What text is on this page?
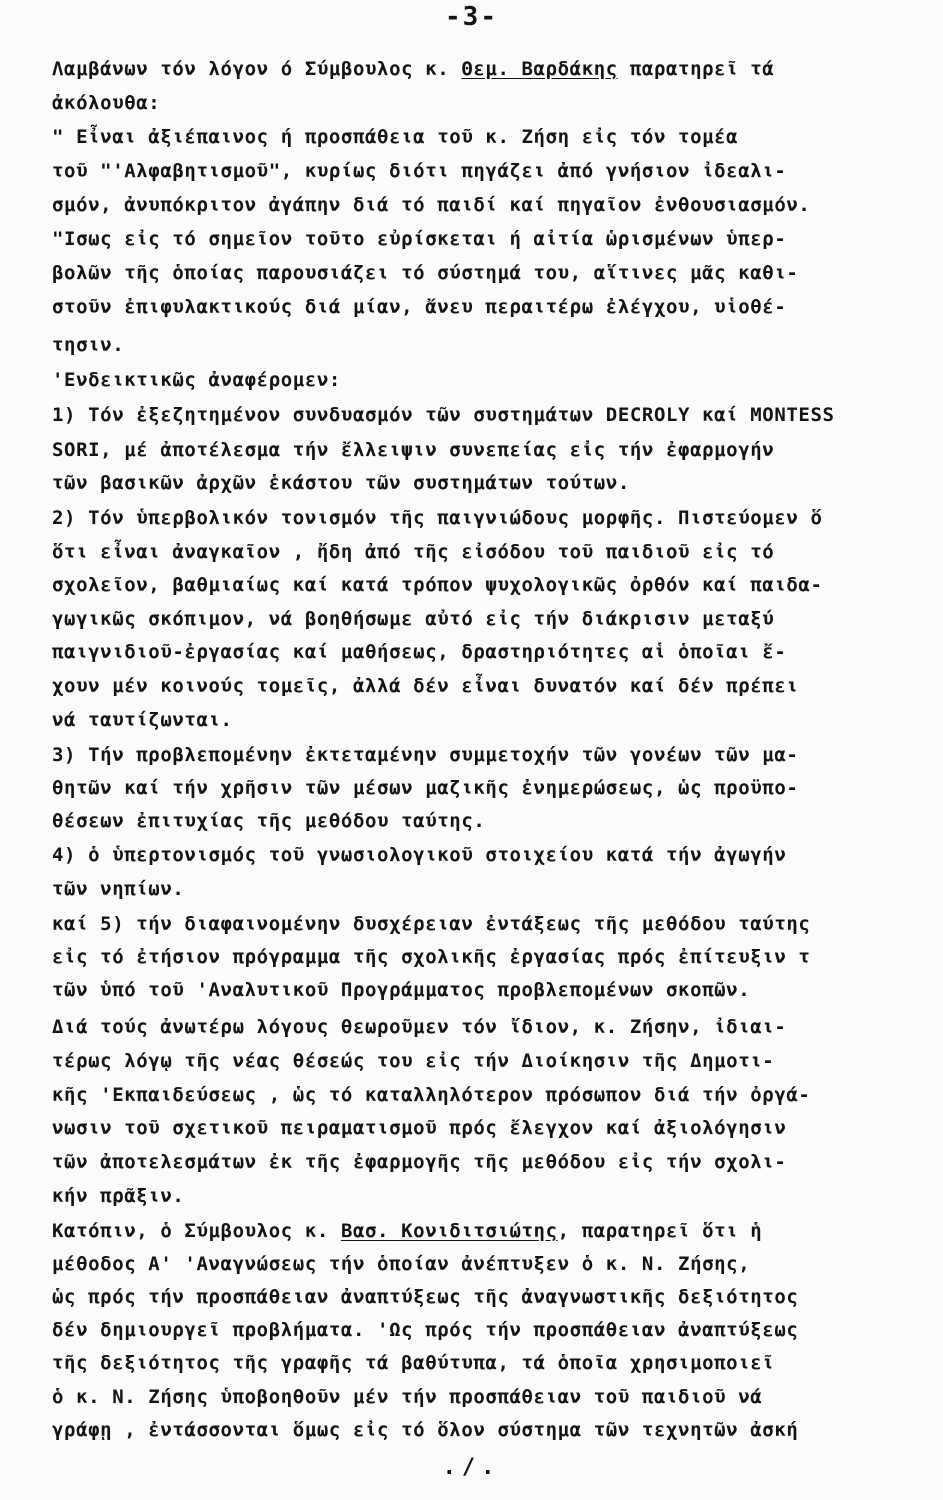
-3-
Λαμβάνων τόν λόγον ό Σύμβουλος κ. Θεμ. Βαρδάκης παρατηρεῖ τά
ἀκόλουθα:
" Εἶναι ἀξιέπαινος ή προσπάθεια τοῦ κ. Ζήση εἰς τόν τομέα
τοῦ "'Αλφαβητισμοῦ", κυρίως διότι πηγάζει ἀπό γνήσιον ἰδεαλι-
σμόν, ἀνυπόκριτον ἀγάπην διά τό παιδί καί πηγαῖον ἐνθουσιασμόν.
"Ισως εἰς τό σημεῖον τοῦτο εὐρίσκεται ή αἰτία ὡρισμένων ὑπερ-
βολῶν τῆς ὁποίας παρουσιάζει τό σύστημά του, αἵτινες μᾶς καθι-
στοῦν ἐπιφυλακτικούς διά μίαν, ἄνευ περαιτέρω ἐλέγχου, υἱοθέ-
τησιν.
'Ενδεικτικῶς ἀναφέρομεν:
1) Τόν ἐξεζητημένον συνδυασμόν τῶν συστημάτων DECROLY καί MONTESS
SORI, μέ ἀποτέλεσμα τήν ἔλλειψιν συνεπείας εἰς τήν ἐφαρμογήν
τῶν βασικῶν ἀρχῶν ἑκάστου τῶν συστημάτων τούτων.
2) Τόν ὑπερβολικόν τονισμόν τῆς παιγνιώδους μορφῆς. Πιστεύομεν ὅ
ὅτι εἶναι ἀναγκαῖον , ἤδη ἀπό τῆς εἰσόδου τοῦ παιδιοῦ εἰς τό
σχολεῖον, βαθμιαίως καί κατά τρόπον ψυχολογικῶς ὀρθόν καί παιδα-
γωγικῶς σκόπιμον, νά βοηθήσωμε αὐτό εἰς τήν διάκρισιν μεταξύ
παιγνιδιοῦ-ἐργασίας καί μαθήσεως, δραστηριότητες αἱ ὁποῖαι ἔ-
χουν μέν κοινούς τομεῖς, ἀλλά δέν εἶναι δυνατόν καί δέν πρέπει
νά ταυτίζωνται.
3) Τήν προβλεπομένην ἐκτεταμένην συμμετοχήν τῶν γονέων τῶν μα-
θητῶν καί τήν χρῆσιν τῶν μέσων μαζικῆς ἐνημερώσεως, ὡς προϋπο-
θέσεων ἐπιτυχίας τῆς μεθόδου ταύτης.
4) ὁ ὑπερτονισμός τοῦ γνωσιολογικοῦ στοιχείου κατά τήν ἀγωγήν
τῶν νηπίων.
καί 5) τήν διαφαινομένην δυσχέρειαν ἐντάξεως τῆς μεθόδου ταύτης
εἰς τό ἐτήσιον πρόγραμμα τῆς σχολικῆς ἐργασίας πρός ἐπίτευξιν τ
τῶν ὑπό τοῦ 'Αναλυτικοῦ Προγράμματος προβλεπομένων σκοπῶν.
Διά τούς ἀνωτέρω λόγους θεωροῦμεν τόν ἴδιον, κ. Ζήσην, ἰδιαι-
τέρως λόγῳ τῆς νέας θέσεώς του εἰς τήν Διοίκησιν τῆς Δημοτι-
κῆς 'Εκπαιδεύσεως , ὡς τό καταλληλότερον πρόσωπον διά τήν ὀργά-
νωσιν τοῦ σχετικοῦ πειραματισμοῦ πρός ἔλεγχον καί ἀξιολόγησιν
τῶν ἀποτελεσμάτων ἐκ τῆς ἐφαρμογῆς τῆς μεθόδου εἰς τήν σχολι-
κήν πρᾶξιν.
Κατόπιν, ὁ Σύμβουλος κ. Βασ. Κονιδιτσιώτης, παρατηρεῖ ὅτι ἡ
μέθοδος Α' 'Αναγνώσεως τήν ὁποίαν ἀνέπτυξεν ὁ κ. Ν. Ζήσης,
ὡς πρός τήν προσπάθειαν ἀναπτύξεως τῆς ἀναγνωστικῆς δεξιότητος
δέν δημιουργεῖ προβλήματα. 'Ως πρός τήν προσπάθειαν ἀναπτύξεως
τῆς δεξιότητος τῆς γραφῆς τά βαθύτυπα, τά ὁποῖα χρησιμοποιεῖ
ὁ κ. Ν. Ζήσης ὑποβοηθοῦν μέν τήν προσπάθειαν τοῦ παιδιοῦ νά
γράφῃ , ἐντάσσονται ὅμως εἰς τό ὅλον σύστημα τῶν τεχνητῶν ἀσκή
./.
